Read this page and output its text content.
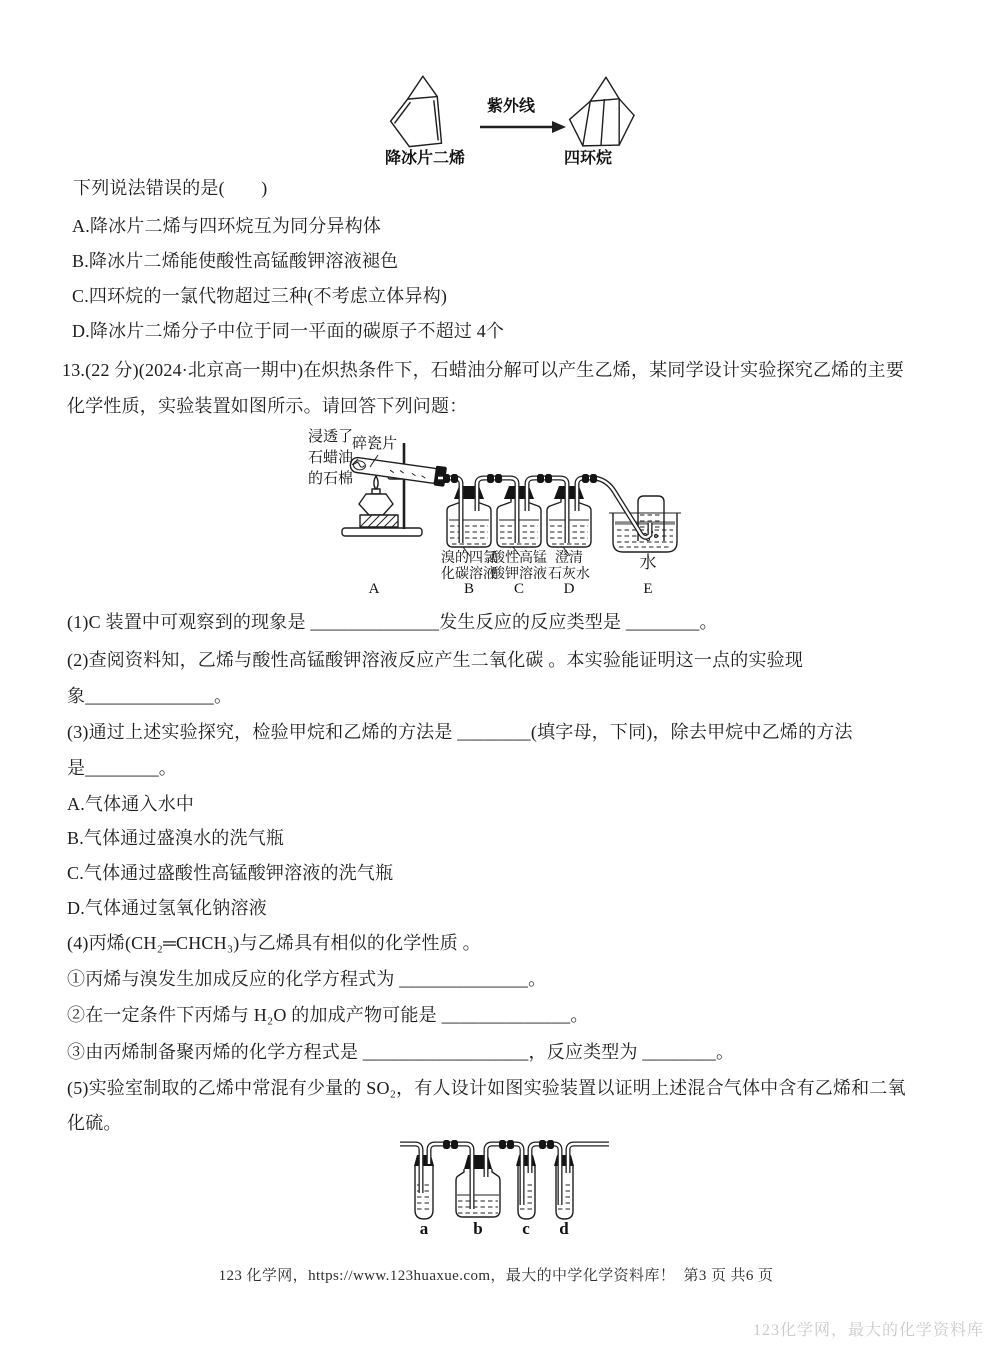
紫外线
降冰片二烯	四环烷
下列说法错误的是(　　)
A.降冰片二烯与四环烷互为同分异构体
B.降冰片二烯能使酸性高锰酸钾溶液褪色
C.四环烷的一氯代物超过三种(不考虑立体异构)
D.降冰片二烯分子中位于同一平面的碳原子不超过 4个
13.(22 分)(2024·北京高一期中)在炽热条件下，石蜡油分解可以产生乙烯，某同学设计实验探究乙烯的主要
化学性质，实验装置如图所示。请回答下列问题：
浸透了
石蜡油
的石棉
碎瓷片
溴的四氯
化碳溶液
酸性高锰
酸钾溶液
澄清
石灰水
水
A	B	C	D	E
(1)C 装置中可观察到的现象是 ______________发生反应的反应类型是 ________。
(2)查阅资料知，乙烯与酸性高锰酸钾溶液反应产生二氧化碳 。本实验能证明这一点的实验现
象______________。
(3)通过上述实验探究，检验甲烷和乙烯的方法是 ________(填字母，下同)，除去甲烷中乙烯的方法
是________。
A.气体通入水中
B.气体通过盛溴水的洗气瓶
C.气体通过盛酸性高锰酸钾溶液的洗气瓶
D.气体通过氢氧化钠溶液
(4)丙烯(CH₂═CHCH₃)与乙烯具有相似的化学性质 。
①丙烯与溴发生加成反应的化学方程式为 ______________。
②在一定条件下丙烯与 H₂O 的加成产物可能是 ______________。
③由丙烯制备聚丙烯的化学方程式是 __________________，反应类型为 ________。
(5)实验室制取的乙烯中常混有少量的 SO₂，有人设计如图实验装置以证明上述混合气体中含有乙烯和二氧
化硫。
a	b	c	d
123 化学网，https://www.123huaxue.com，最大的中学化学资料库！  第3 页 共6 页
123化学网，最大的化学资料库
